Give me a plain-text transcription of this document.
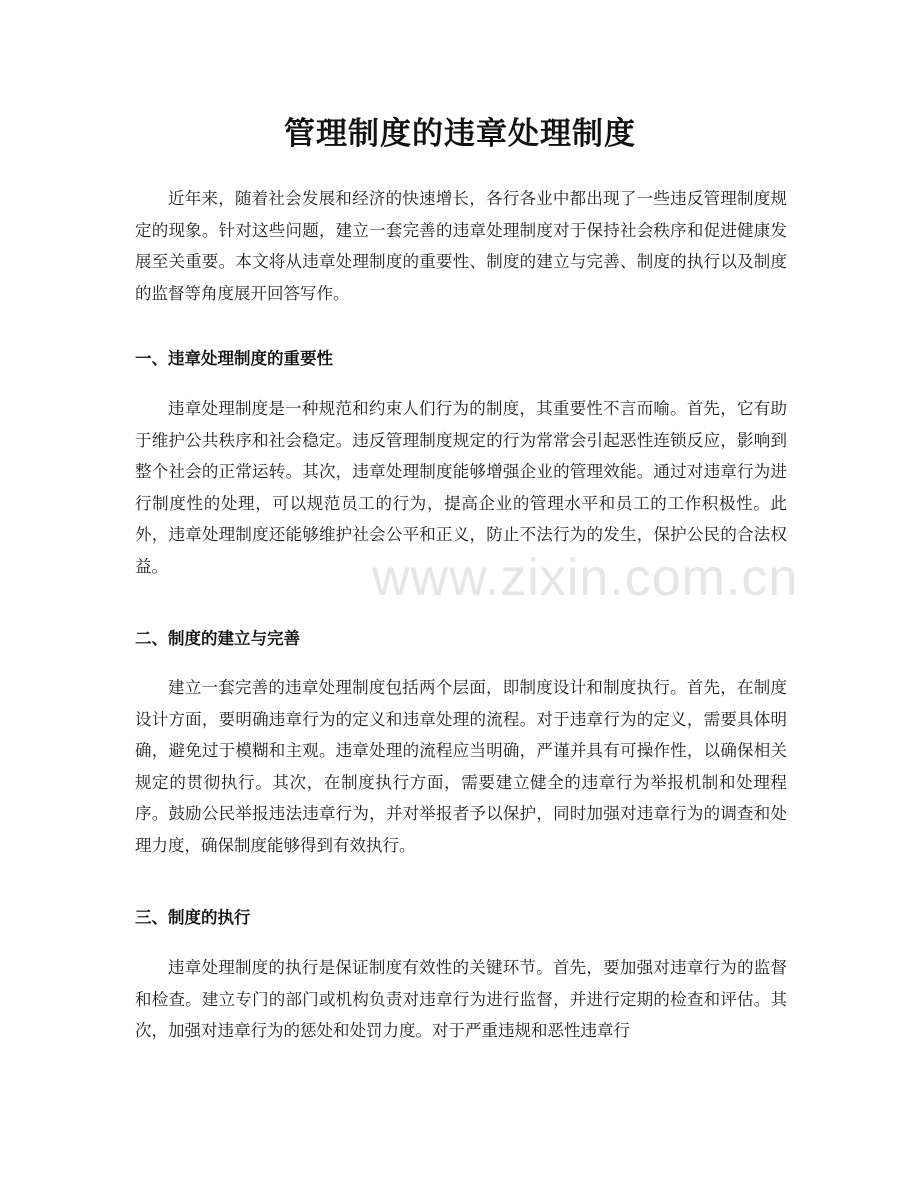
管理制度的违章处理制度

近年来，随着社会发展和经济的快速增长，各行各业中都出现了一些违反管理制度规定的现象。针对这些问题，建立一套完善的违章处理制度对于保持社会秩序和促进健康发展至关重要。本文将从违章处理制度的重要性、制度的建立与完善、制度的执行以及制度的监督等角度展开回答写作。

一、违章处理制度的重要性

违章处理制度是一种规范和约束人们行为的制度，其重要性不言而喻。首先，它有助于维护公共秩序和社会稳定。违反管理制度规定的行为常常会引起恶性连锁反应，影响到整个社会的正常运转。其次，违章处理制度能够增强企业的管理效能。通过对违章行为进行制度性的处理，可以规范员工的行为，提高企业的管理水平和员工的工作积极性。此外，违章处理制度还能够维护社会公平和正义，防止不法行为的发生，保护公民的合法权益。

二、制度的建立与完善

建立一套完善的违章处理制度包括两个层面，即制度设计和制度执行。首先，在制度设计方面，要明确违章行为的定义和违章处理的流程。对于违章行为的定义，需要具体明确，避免过于模糊和主观。违章处理的流程应当明确，严谨并具有可操作性，以确保相关规定的贯彻执行。其次，在制度执行方面，需要建立健全的违章行为举报机制和处理程序。鼓励公民举报违法违章行为，并对举报者予以保护，同时加强对违章行为的调查和处理力度，确保制度能够得到有效执行。

三、制度的执行

违章处理制度的执行是保证制度有效性的关键环节。首先，要加强对违章行为的监督和检查。建立专门的部门或机构负责对违章行为进行监督，并进行定期的检查和评估。其次，加强对违章行为的惩处和处罚力度。对于严重违规和恶性违章行

www.zixin.com.cn
